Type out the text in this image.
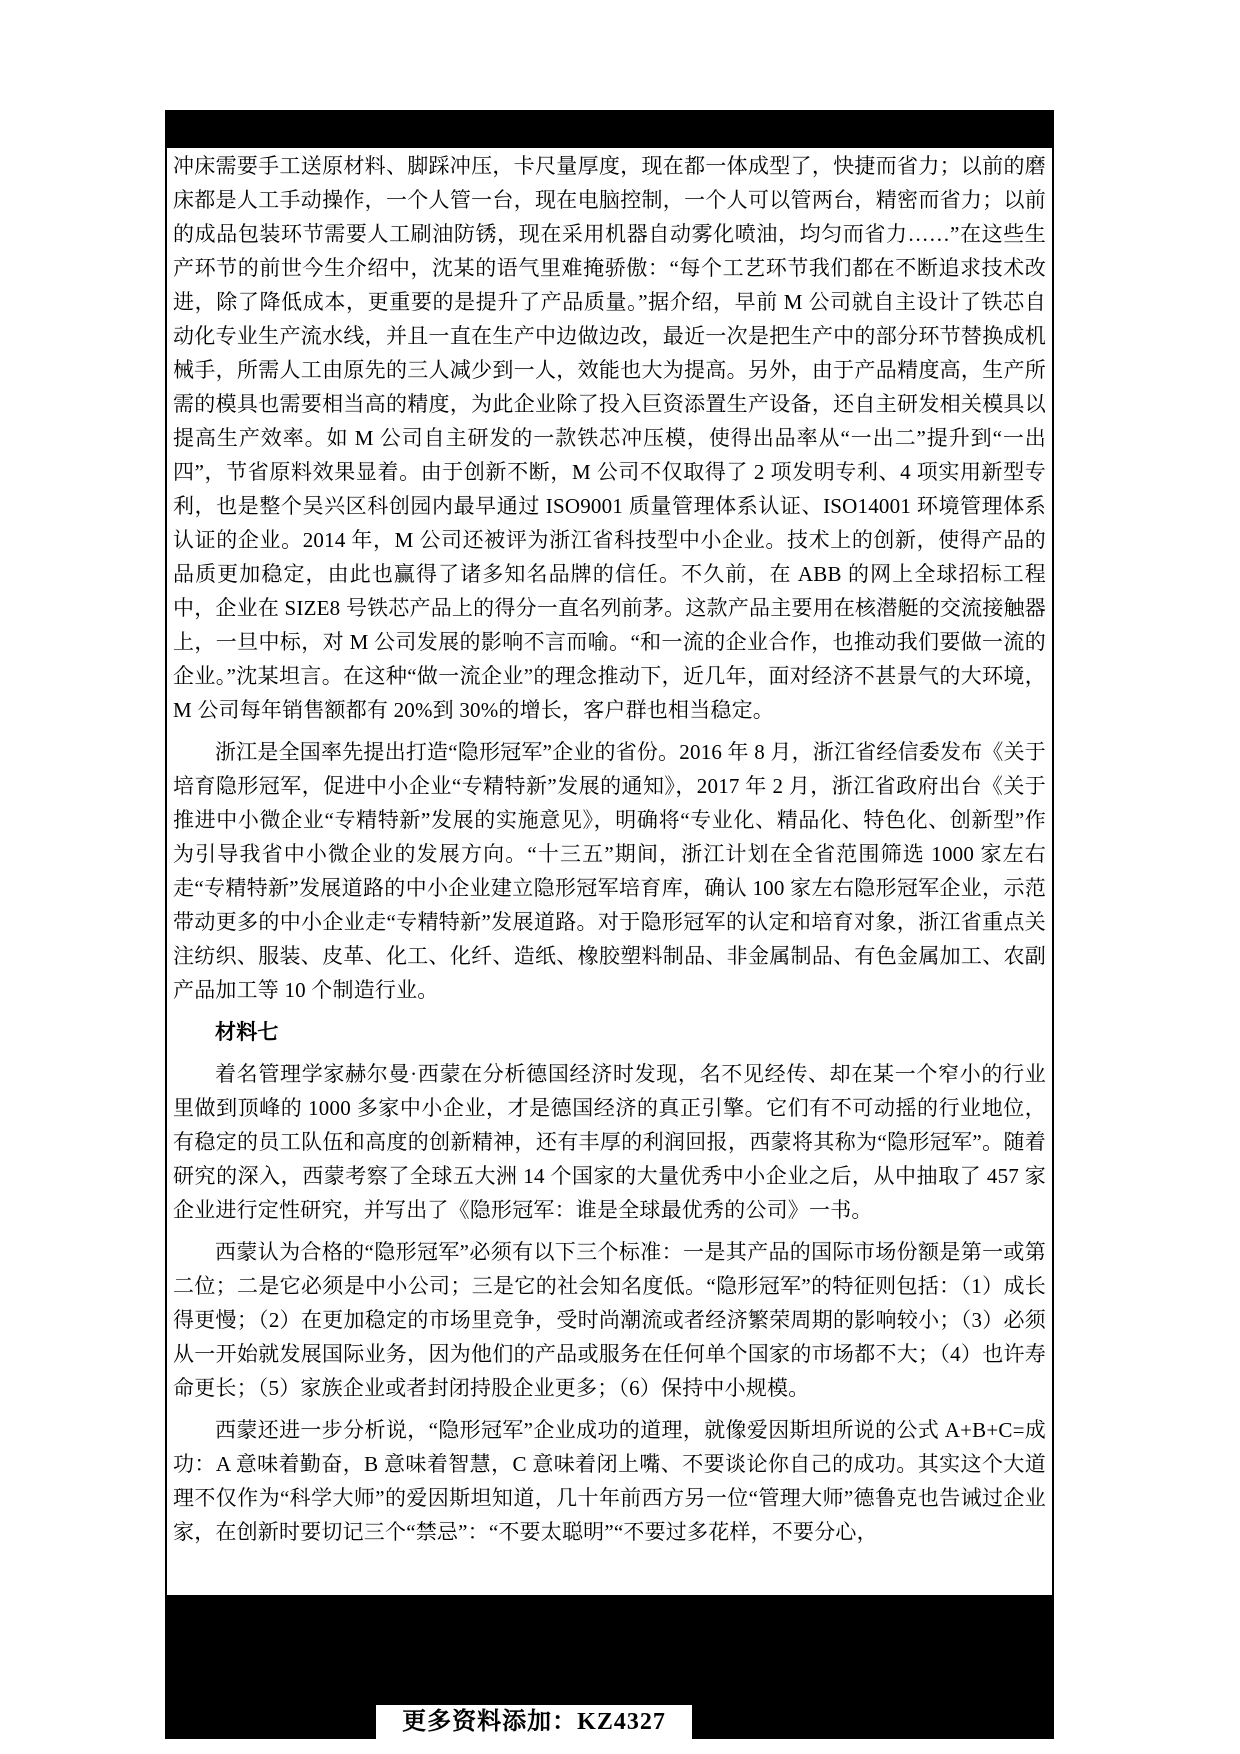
冲床需要手工送原材料、脚踩冲压，卡尺量厚度，现在都一体成型了，快捷而省力；以前的磨床都是人工手动操作，一个人管一台，现在电脑控制，一个人可以管两台，精密而省力；以前的成品包装环节需要人工刷油防锈，现在采用机器自动雾化喷油，均匀而省力……”在这些生产环节的前世今生介绍中，沈某的语气里难掩骄傲：“每个工艺环节我们都在不断追求技术改进，除了降低成本，更重要的是提升了产品质量。”据介绍，早前 M 公司就自主设计了铁芯自动化专业生产流水线，并且一直在生产中边做边改，最近一次是把生产中的部分环节替换成机械手，所需人工由原先的三人减少到一人，效能也大为提高。另外，由于产品精度高，生产所需的模具也需要相当高的精度，为此企业除了投入巨资添置生产设备，还自主研发相关模具以提高生产效率。如 M 公司自主研发的一款铁芯冲压模，使得出品率从“一出二”提升到“一出四”，节省原料效果显着。由于创新不断，M 公司不仅取得了 2 项发明专利、4 项实用新型专利，也是整个吴兴区科创园内最早通过 ISO9001 质量管理体系认证、ISO14001 环境管理体系认证的企业。2014 年，M 公司还被评为浙江省科技型中小企业。技术上的创新，使得产品的品质更加稳定，由此也赢得了诸多知名品牌的信任。不久前，在 ABB 的网上全球招标工程中，企业在 SIZE8 号铁芯产品上的得分一直名列前茅。这款产品主要用在核潜艇的交流接触器上，一旦中标，对 M 公司发展的影响不言而喻。“和一流的企业合作，也推动我们要做一流的企业。”沈某坦言。在这种“做一流企业”的理念推动下，近几年，面对经济不甚景气的大环境，M 公司每年销售额都有 20%到 30%的增长，客户群也相当稳定。

浙江是全国率先提出打造“隐形冠军”企业的省份。2016 年 8 月，浙江省经信委发布《关于培育隐形冠军，促进中小企业“专精特新”发展的通知》，2017 年 2 月，浙江省政府出台《关于推进中小微企业“专精特新”发展的实施意见》，明确将“专业化、精品化、特色化、创新型”作为引导我省中小微企业的发展方向。“十三五”期间，浙江计划在全省范围筛选 1000 家左右走“专精特新”发展道路的中小企业建立隐形冠军培育库，确认 100 家左右隐形冠军企业，示范带动更多的中小企业走“专精特新”发展道路。对于隐形冠军的认定和培育对象，浙江省重点关注纺织、服装、皮革、化工、化纤、造纸、橡胶塑料制品、非金属制品、有色金属加工、农副产品加工等 10 个制造行业。

材料七

着名管理学家赫尔曼·西蒙在分析德国经济时发现，名不见经传、却在某一个窄小的行业里做到顶峰的 1000 多家中小企业，才是德国经济的真正引擎。它们有不可动摇的行业地位，有稳定的员工队伍和高度的创新精神，还有丰厚的利润回报，西蒙将其称为“隐形冠军”。随着研究的深入，西蒙考察了全球五大洲 14 个国家的大量优秀中小企业之后，从中抽取了 457 家企业进行定性研究，并写出了《隐形冠军：谁是全球最优秀的公司》一书。

西蒙认为合格的“隐形冠军”必须有以下三个标准：一是其产品的国际市场份额是第一或第二位；二是它必须是中小公司；三是它的社会知名度低。“隐形冠军”的特征则包括：（1）成长得更慢；（2）在更加稳定的市场里竞争，受时尚潮流或者经济繁荣周期的影响较小；（3）必须从一开始就发展国际业务，因为他们的产品或服务在任何单个国家的市场都不大；（4）也许寿命更长；（5）家族企业或者封闭持股企业更多；（6）保持中小规模。

西蒙还进一步分析说，“隐形冠军”企业成功的道理，就像爱因斯坦所说的公式 A+B+C=成功：A 意味着勤奋，B 意味着智慧，C 意味着闭上嘴、不要谈论你自己的成功。其实这个大道理不仅作为“科学大师”的爱因斯坦知道，几十年前西方另一位“管理大师”德鲁克也告诫过企业家，在创新时要切记三个“禁忌”：“不要太聪明”“不要过多花样，不要分心，

更多资料添加：KZ4327
